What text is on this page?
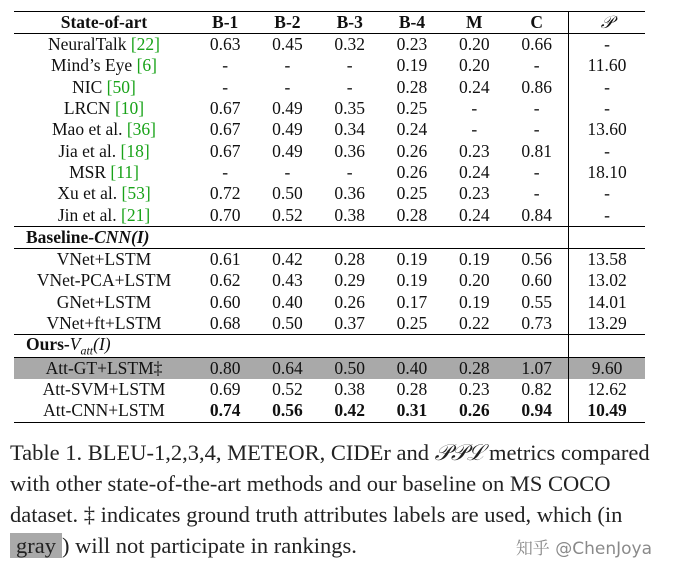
State-of-art	B-1	B-2	B-3	B-4	M	C	𝒫
NeuralTalk [22]	0.63	0.45	0.32	0.23	0.20	0.66	-
Mind’s Eye [6]	-	-	-	0.19	0.20	-	11.60
NIC [50]	-	-	-	0.28	0.24	0.86	-
LRCN [10]	0.67	0.49	0.35	0.25	-	-	-
Mao et al. [36]	0.67	0.49	0.34	0.24	-	-	13.60
Jia et al. [18]	0.67	0.49	0.36	0.26	0.23	0.81	-
MSR [11]	-	-	-	0.26	0.24	-	18.10
Xu et al. [53]	0.72	0.50	0.36	0.25	0.23	-	-
Jin et al. [21]	0.70	0.52	0.38	0.28	0.24	0.84	-
Baseline-CNN(I)							
VNet+LSTM	0.61	0.42	0.28	0.19	0.19	0.56	13.58
VNet-PCA+LSTM	0.62	0.43	0.29	0.19	0.20	0.60	13.02
GNet+LSTM	0.60	0.40	0.26	0.17	0.19	0.55	14.01
VNet+ft+LSTM	0.68	0.50	0.37	0.25	0.22	0.73	13.29
Ours-$V_{att}(I)$							
Att-GT+LSTM‡	0.80	0.64	0.50	0.40	0.28	1.07	9.60
Att-SVM+LSTM	0.69	0.52	0.38	0.28	0.23	0.82	12.62
Att-CNN+LSTM	0.74	0.56	0.42	0.31	0.26	0.94	10.49
Table 1. BLEU-1,2,3,4, METEOR, CIDEr and 𝒫𝒫ℒ metrics compared with other state-of-the-art methods and our baseline on MS COCO dataset. ‡ indicates ground truth attributes labels are used, which (in gray ) will not participate in rankings.	知乎 @ChenJoya
